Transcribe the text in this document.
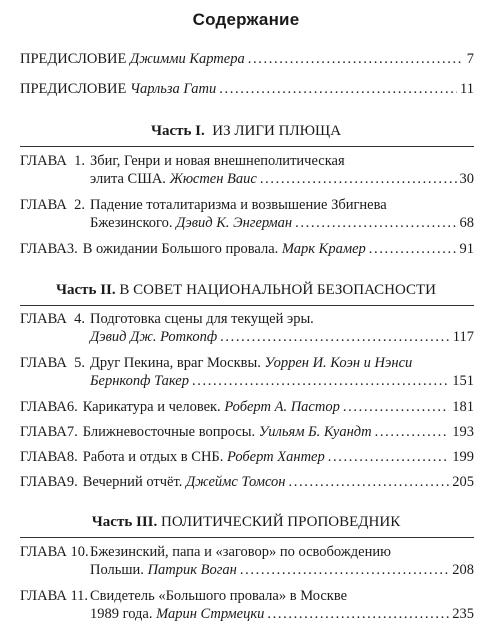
Содержание
ПРЕДИСЛОВИЕ
Джимми Картера . . .	7
ПРЕДИСЛОВИЕ
Чарльза Гати . . .	11
Часть I. ИЗ ЛИГИ ПЛЮЩА
ГЛАВА 1. Збиг, Генри и новая внешнеполитическая
элита США.
Жюстен Ваис . . .	30
ГЛАВА 2. Падение тоталитаризма и возвышение Збигнева
Бжезинского.
Дэвид К. Энгерман . . .	68
ГЛАВА 3. В ожидании Большого провала.
Марк Крамер . . .	91
Часть II. В СОВЕТ НАЦИОНАЛЬНОЙ БЕЗОПАСНОСТИ
ГЛАВА 4. Подготовка сцены для текущей эры.
Дэвид Дж. Роткопф . . .	117
ГЛАВА 5. Друг Пекина, враг Москвы. Уоррен И. Коэн и Нэнси
Бернкопф Такер . . .	151
ГЛАВА 6. Карикатура и человек.
Роберт А. Пастор . . .	181
ГЛАВА 7. Ближневосточные вопросы.
Уильям Б. Куандт . . .	193
ГЛАВА 8. Работа и отдых в СНБ.
Роберт Хантер . . .	199
ГЛАВА 9. Вечерний отчёт.
Джеймс Томсон . . .	205
Часть III. ПОЛИТИЧЕСКИЙ ПРОПОВЕДНИК
ГЛАВА 10.Бжезинский, папа и «заговор» по освобождению
Польши.
Патрик Воган . . .	208
ГЛАВА 11. Свидетель «Большого провала» в Москве
1989 года.
Марин Стрмецки . . .	235
